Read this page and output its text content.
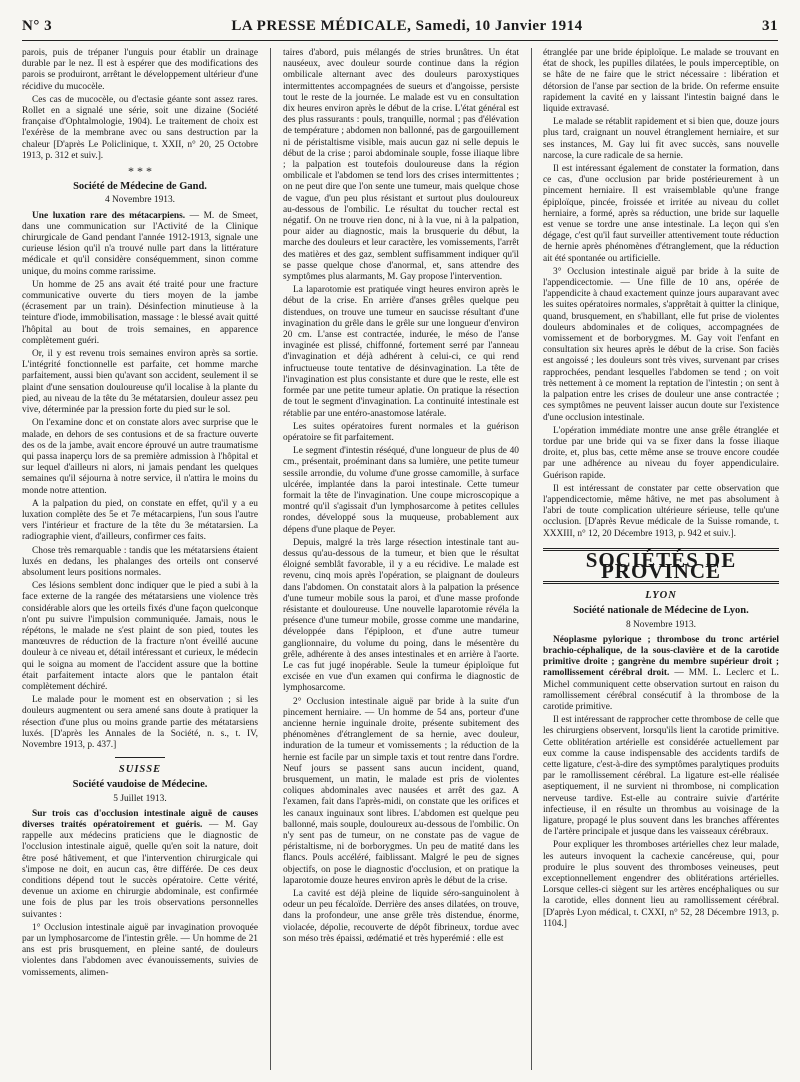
N° 3	LA PRESSE MÉDICALE, Samedi, 10 Janvier 1914	31

parois, puis de trépaner l'unguis pour établir un drainage durable par le nez. Il est à espérer que des modifications des parois se produiront, arrêtant le développement ultérieur d'une récidive du mucocèle.

Ces cas de mucocèle, ou d'ectasie géante sont assez rares. Rollet en a signalé une série, soit une dizaine (Société française d'Ophtalmologie, 1904). Le traitement de choix est l'exérèse de la membrane avec ou sans destruction par la chaleur [D'après Le Policlinique, t. XXII, n° 20, 25 Octobre 1913, p. 312 et suiv.].

* * *

Société de Médecine de Gand.

4 Novembre 1913.

Une luxation rare des métacarpiens. — M. de Smeet, dans une communication sur l'Activité de la Clinique chirurgicale de Gand pendant l'année 1912-1913, signale une curieuse lésion qu'il n'a trouvé nulle part dans la littérature médicale et qu'il considère conséquemment, sinon comme unique, du moins comme rarissime.

Un homme de 25 ans avait été traité pour une fracture communicative ouverte du tiers moyen de la jambe (écrasement par un train). Désinfection minutieuse à la teinture d'iode, immobilisation, massage : le blessé avait quitté l'hôpital au bout de trois semaines, en apparence complètement guéri.

Or, il y est revenu trois semaines environ après sa sortie. L'intégrité fonctionnelle est parfaite, cet homme marche parfaitement, aussi bien qu'avant son accident, seulement il se plaint d'une sensation douloureuse qu'il localise à la plante du pied, au niveau de la tête du 3e métatarsien, douleur assez peu vive, déterminée par la pression forte du pied sur le sol.

On l'examine donc et on constate alors avec surprise que le malade, en dehors de ses contusions et de sa fracture ouverte des os de la jambe, avait encore éprouvé un autre traumatisme qui passa inaperçu lors de sa première admission à l'hôpital et sur lequel d'ailleurs ni alors, ni jamais pendant les quelques semaines qu'il séjourna à notre service, il n'attira le moins du monde notre attention.

A la palpation du pied, on constate en effet, qu'il y a eu luxation complète des 5e et 7e métacarpiens, l'un sous l'autre vers l'intérieur et fracture de la tête du 3e métatarsien. La radiographie vient, d'ailleurs, confirmer ces faits.

Chose très remarquable : tandis que les métatarsiens étaient luxés en dedans, les phalanges des orteils ont conservé absolument leurs positions normales.

Ces lésions semblent donc indiquer que le pied a subi à la face externe de la rangée des métatarsiens une violence très considérable alors que les orteils fixés d'une façon quelconque n'ont pu suivre l'impulsion communiquée. Jamais, nous le répétons, le malade ne s'est plaint de son pied, toutes les manœuvres de réduction de la fracture n'ont éveillé aucune douleur à ce niveau et, détail intéressant et curieux, le médecin qui le soigna au moment de l'accident assure que la bottine était parfaitement intacte alors que le pantalon était complètement déchiré.

Le malade pour le moment est en observation ; si les douleurs augmentent ou sera amené sans doute à pratiquer la résection d'une plus ou moins grande partie des métatarsiens luxés. [D'après les Annales de la Société, n. s., t. IV, Novembre 1913, p. 437.]

SUISSE
Société vaudoise de Médecine.

5 Juillet 1913.

Sur trois cas d'occlusion intestinale aiguë de causes diverses traités opératoirement et guéris. — M. Gay rappelle aux médecins praticiens que le diagnostic de l'occlusion intestinale aiguë, quelle qu'en soit la nature, doit être posé hâtivement, et que l'intervention chirurgicale qui s'impose ne doit, en aucun cas, être différée. De ces deux conditions dépend tout le succès opératoire. Cette vérité, devenue un axiome en chirurgie abdominale, est confirmée une fois de plus par les trois observations personnelles suivantes :

1° Occlusion intestinale aiguë par invagination provoquée par un lymphosarcome de l'intestin grêle. — Un homme de 21 ans est pris brusquement, en pleine santé, de douleurs violentes dans l'abdomen avec évanouissements, suivies de vomissements, alimen-

taires d'abord, puis mélangés de stries brunâtres. Un état nauséeux, avec douleur sourde continue dans la région ombilicale alternant avec des douleurs paroxystiques intermittentes accompagnées de sueurs et d'angoisse, persiste tout le reste de la journée. Le malade est vu en consultation dix heures environ après le début de la crise. L'état général est des plus rassurants : pouls, tranquille, normal ; pas d'élévation de température ; abdomen non ballonné, pas de gargouillement ni de péristaltisme visible, mais aucun gaz ni selle depuis le début de la crise ; paroi abdominale souple, fosse iliaque libre ; la palpation est toutefois douloureuse dans la région ombilicale et l'abdomen se tend lors des crises intermittentes ; on ne peut dire que l'on sente une tumeur, mais quelque chose de vague, d'un peu plus résistant et surtout plus douloureux au-dessous de l'ombilic. Le résultat du toucher rectal est négatif. On ne trouve rien donc, ni à la vue, ni à la palpation, pour aider au diagnostic, mais la brusquerie du début, la marche des douleurs et leur caractère, les vomissements, l'arrêt des matières et des gaz, semblent suffisamment indiquer qu'il se passe quelque chose d'anormal, et, sans attendre des symptômes plus alarmants, M. Gay propose l'intervention.

La laparotomie est pratiquée vingt heures environ après le début de la crise. En arrière d'anses grêles quelque peu distendues, on trouve une tumeur en saucisse résultant d'une invagination du grêle dans le grêle sur une longueur d'environ 20 cm. L'anse est contractée, indurée, le méso de l'anse invaginée est plissé, chiffonné, fortement serré par l'anneau d'invagination et déjà adhérent à celui-ci, ce qui rend infructueuse toute tentative de désinvagination. La tête de l'invagination est plus consistante et dure que le reste, elle est formée par une petite tumeur aplatie. On pratique la résection de tout le segment d'invagination. La continuité intestinale est rétablie par une entéro-anastomose latérale.

Les suites opératoires furent normales et la guérison opératoire se fit parfaitement.

Le segment d'intestin réséqué, d'une longueur de plus de 40 cm., présentait, proéminant dans sa lumière, une petite tumeur sessile arrondie, du volume d'une grosse camomille, à surface ulcérée, implantée dans la paroi intestinale. Cette tumeur formait la tête de l'invagination. Une coupe microscopique a montré qu'il s'agissait d'un lymphosarcome à petites cellules rondes, développé sous la muqueuse, probablement aux dépens d'une plaque de Peyer.

Depuis, malgré la très large résection intestinale tant au-dessus qu'au-dessous de la tumeur, et bien que le résultat éloigné semblât favorable, il y a eu récidive. Le malade est revenu, cinq mois après l'opération, se plaignant de douleurs dans l'abdomen. On constatait alors à la palpation la présence d'une tumeur mobile sous la paroi, et d'une masse profonde résistante et douloureuse. Une nouvelle laparotomie révéla la présence d'une tumeur mobile, grosse comme une mandarine, développée dans l'épiploon, et d'une autre tumeur ganglionnaire, du volume du poing, dans le mésentère du grêle, adhérente à des anses intestinales et en arrière à l'aorte. Le cas fut jugé inopérable. Seule la tumeur épiploïque fut excisée en vue d'un examen qui confirma le diagnostic de lymphosarcome.

2° Occlusion intestinale aiguë par bride à la suite d'un pincement herniaire. — Un homme de 54 ans, porteur d'une ancienne hernie inguinale droite, présente subitement des phénomènes d'étranglement de sa hernie, avec douleur, induration de la tumeur et vomissements ; la réduction de la hernie est facile par un simple taxis et tout rentre dans l'ordre. Neuf jours se passent sans aucun incident, quand, brusquement, un matin, le malade est pris de violentes coliques abdominales avec nausées et arrêt des gaz. A l'examen, fait dans l'après-midi, on constate que les orifices et les canaux inguinaux sont libres. L'abdomen est quelque peu ballonné, mais souple, douloureux au-dessous de l'ombilic. On n'y sent pas de tumeur, on ne constate pas de vague de péristaltisme, ni de borborygmes. Un peu de matité dans les flancs. Pouls accéléré, faiblissant. Malgré le peu de signes objectifs, on pose le diagnostic d'occlusion, et on pratique la laparotomie douze heures environ après le début de la crise.

La cavité est déjà pleine de liquide séro-sanguinolent à odeur un peu fécaloïde. Derrière des anses dilatées, on trouve, dans la profondeur, une anse grêle très distendue, énorme, violacée, dépolie, recouverte de dépôt fibrineux, tordue avec son méso très épaissi, œdématié et très hyperémié : elle est

étranglée par une bride épiploïque. Le malade se trouvant en état de shock, les pupilles dilatées, le pouls imperceptible, on se hâte de ne faire que le strict nécessaire : libération et détorsion de l'anse par section de la bride. On referme ensuite rapidement la cavité en y laissant l'intestin baigné dans le liquide extravasé.

Le malade se rétablit rapidement et si bien que, douze jours plus tard, craignant un nouvel étranglement herniaire, et sur ses instances, M. Gay lui fit avec succès, sans nouvelle narcose, la cure radicale de sa hernie.

Il est intéressant également de constater la formation, dans ce cas, d'une occlusion par bride postérieurement à un pincement herniaire. Il est vraisemblable qu'une frange épiploïque, pincée, froissée et irritée au niveau du collet herniaire, a formé, après sa réduction, une bride sur laquelle est venue se tordre une anse intestinale. La leçon qui s'en dégage, c'est qu'il faut surveiller attentivement toute réduction de hernie après phénomènes d'étranglement, que la réduction ait été spontanée ou artificielle.

3° Occlusion intestinale aiguë par bride à la suite de l'appendicectomie. — Une fille de 10 ans, opérée de l'appendicite à chaud exactement quinze jours auparavant avec les suites opératoires normales, s'apprêtait à quitter la clinique, quand, brusquement, en s'habillant, elle fut prise de violentes douleurs abdominales et de coliques, accompagnées de vomissement et de borborygmes. M. Gay voit l'enfant en consultation six heures après le début de la crise. Son faciès est angoissé ; les douleurs sont très vives, survenant par crises rapprochées, pendant lesquelles l'abdomen se tend ; on voit très nettement à ce moment la reptation de l'intestin ; on sent à la palpation entre les crises de douleur une anse contractée ; ces symptômes ne peuvent laisser aucun doute sur l'existence d'une occlusion intestinale.

L'opération immédiate montre une anse grêle étranglée et tordue par une bride qui va se fixer dans la fosse iliaque droite, et, plus bas, cette même anse se trouve encore coudée par une adhérence au niveau du foyer appendiculaire. Guérison rapide.

Il est intéressant de constater par cette observation que l'appendicectomie, même hâtive, ne met pas absolument à l'abri de toute complication ultérieure sérieuse, telle qu'une occlusion. [D'après Revue médicale de la Suisse romande, t. XXXIII, n° 12, 20 Décembre 1913, p. 942 et suiv.].

SOCIÉTÉS DE PROVINCE
LYON
Société nationale de Médecine de Lyon.

8 Novembre 1913.

Néoplasme pylorique ; thrombose du tronc artériel brachio-céphalique, de la sous-clavière et de la carotide primitive droite ; gangrène du membre supérieur droit ; ramollissement cérébral droit. — MM. L. Leclerc et L. Michel communiquent cette observation surtout en raison du ramollissement cérébral consécutif à la thrombose de la carotide primitive.

Il est intéressant de rapprocher cette thrombose de celle que les chirurgiens observent, lorsqu'ils lient la carotide primitive. Cette oblitération artérielle est considérée actuellement par eux comme la cause indispensable des accidents tardifs de cette ligature, c'est-à-dire des symptômes paralytiques produits par le ramollissement cérébral. La ligature est-elle réalisée aseptiquement, il ne survient ni thrombose, ni complication nerveuse tardive. Est-elle au contraire suivie d'artérite infectieuse, il en résulte un thrombus au voisinage de la ligature, propagé le plus souvent dans les branches afférentes de l'artère principale et jusque dans les vaisseaux cérébraux.

Pour expliquer les thromboses artérielles chez leur malade, les auteurs invoquent la cachexie cancéreuse, qui, pour produire le plus souvent des thromboses veineuses, peut exceptionnellement engendrer des oblitérations artérielles. Lorsque celles-ci siègent sur les artères encéphaliques ou sur la carotide, elles donnent lieu au ramollissement cérébral. [D'après Lyon médical, t. CXXI, n° 52, 28 Décembre 1913, p. 1104.]
